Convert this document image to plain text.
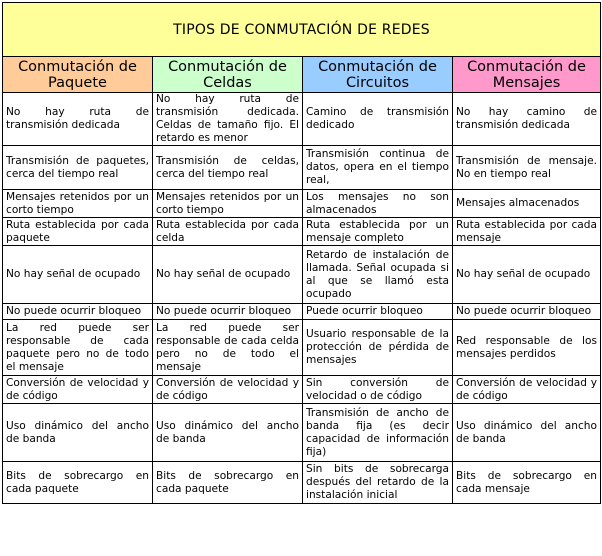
TIPOS DE CONMUTACIÓN DE REDES			
Conmutación de Paquete	Conmutación de Celdas	Conmutación de Circuitos	Conmutación de Mensajes
No hay ruta de transmisión dedicada	No hay ruta de transmisión dedicada. Celdas de tamaño fijo. El retardo es menor	Camino de transmisión dedicado	No hay camino de transmisión dedicada
Transmisión de paquetes, cerca del tiempo real	Transmisión de celdas, cerca del tiempo real	Transmisión continua de datos, opera en el tiempo real,	Transmisión de mensaje. No en tiempo real
Mensajes retenidos por un corto tiempo	Mensajes retenidos por un corto tiempo	Los mensajes no son almacenados	Mensajes almacenados
Ruta establecida por cada paquete	Ruta establecida por cada celda	Ruta establecida por un mensaje completo	Ruta establecida por cada mensaje
No hay señal de ocupado	No hay señal de ocupado	Retardo de instalación de llamada. Señal ocupada si al que se llamó esta ocupado	No hay señal de ocupado
No puede ocurrir bloqueo	No puede ocurrir bloqueo	Puede ocurrir bloqueo	No puede ocurrir bloqueo
La red puede ser responsable de cada paquete pero no de todo el mensaje	La red puede ser responsable de cada celda pero no de todo el mensaje	Usuario responsable de la protección de pérdida de mensajes	Red responsable de los mensajes perdidos
Conversión de velocidad y de código	Conversión de velocidad y de código	Sin conversión de velocidad o de código	Conversión de velocidad y de código
Uso dinámico del ancho de banda	Uso dinámico del ancho de banda	Transmisión de ancho de banda fija (es decir capacidad de información fija)	Uso dinámico del ancho de banda
Bits de sobrecargo en cada paquete	Bits de sobrecargo en cada paquete	Sin bits de sobrecarga después del retardo de la instalación inicial	Bits de sobrecargo en cada mensaje
